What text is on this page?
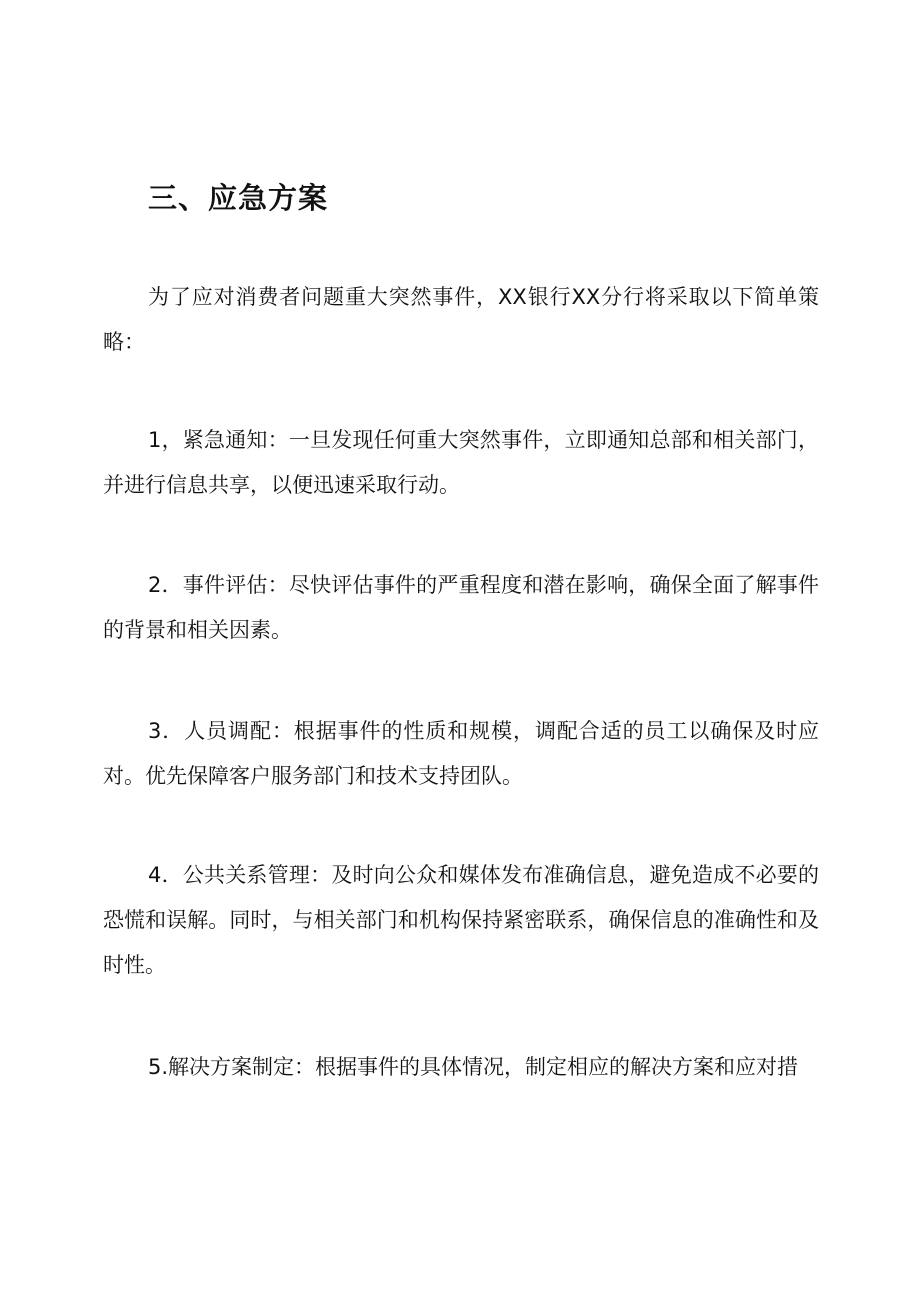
三、应急方案

为了应对消费者问题重大突然事件，XX银行XX分行将采取以下简单策略：

1，紧急通知：一旦发现任何重大突然事件，立即通知总部和相关部门，并进行信息共享，以便迅速采取行动。

2．事件评估：尽快评估事件的严重程度和潜在影响，确保全面了解事件的背景和相关因素。

3．人员调配：根据事件的性质和规模，调配合适的员工以确保及时应对。优先保障客户服务部门和技术支持团队。

4．公共关系管理：及时向公众和媒体发布准确信息，避免造成不必要的恐慌和误解。同时，与相关部门和机构保持紧密联系，确保信息的准确性和及时性。

5.解决方案制定：根据事件的具体情况，制定相应的解决方案和应对措
